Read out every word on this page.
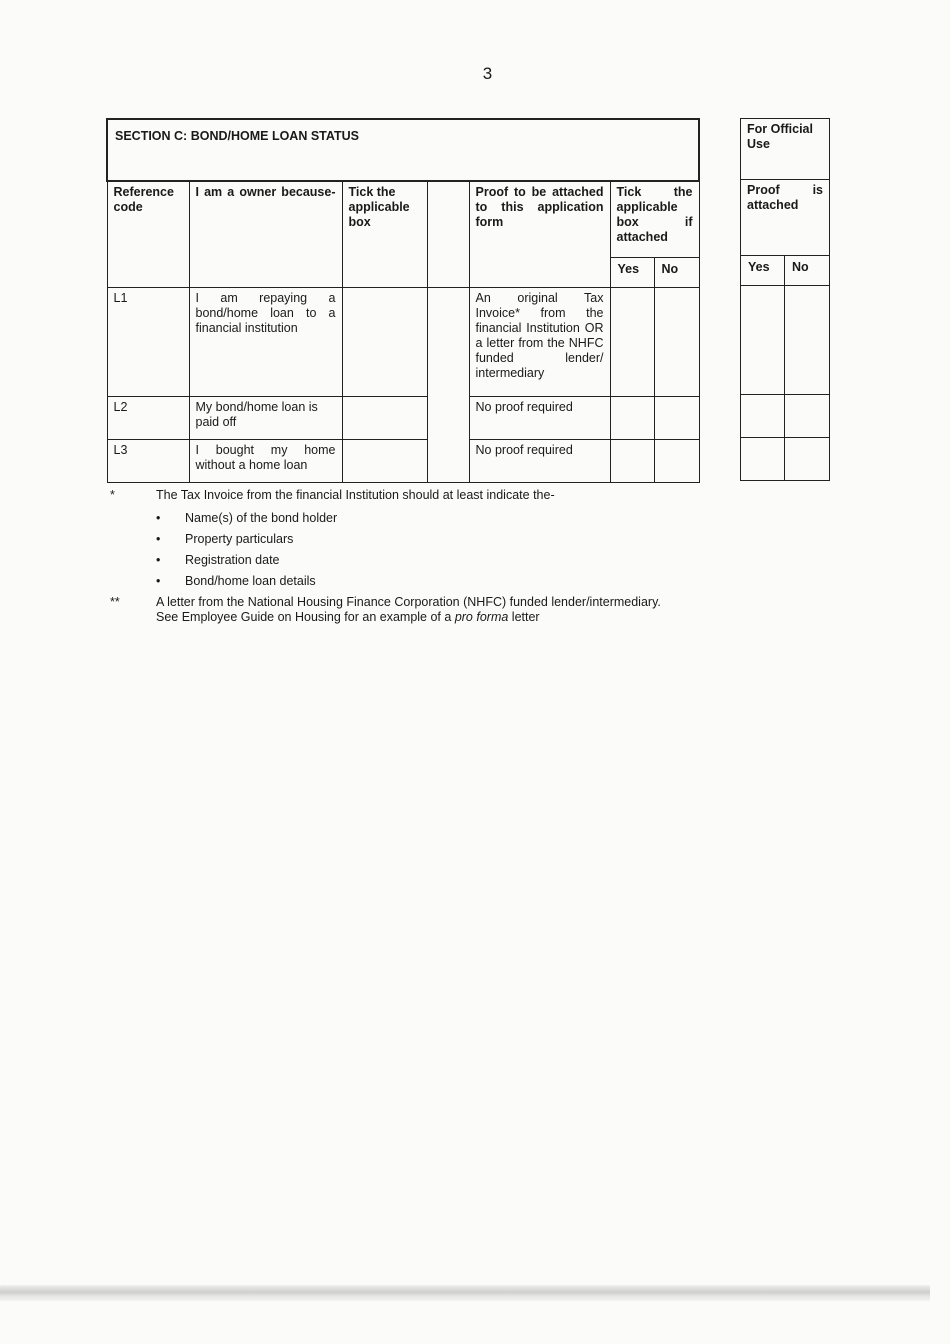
3
SECTION C: BOND/HOME LOAN STATUS						
Reference code	I am a owner because-	Tick the applicable box		Proof to be attached to this application form	Tick the applicable box if attached	
					Yes	No
L1	I am repaying a bond/home loan to a financial institution			An original Tax Invoice* from the financial Institution OR a letter from the NHFC funded lender/ intermediary		
L2	My bond/home loan is paid off			No proof required		
L3	I bought my home without a home loan			No proof required		
For Official Use	
Proof is attached	
Yes	No

*	The Tax Invoice from the financial Institution should at least indicate the-
• Name(s) of the bond holder
• Property particulars
• Registration date
• Bond/home loan details
**	A letter from the National Housing Finance Corporation (NHFC) funded lender/intermediary.
See Employee Guide on Housing for an example of a pro forma letter
